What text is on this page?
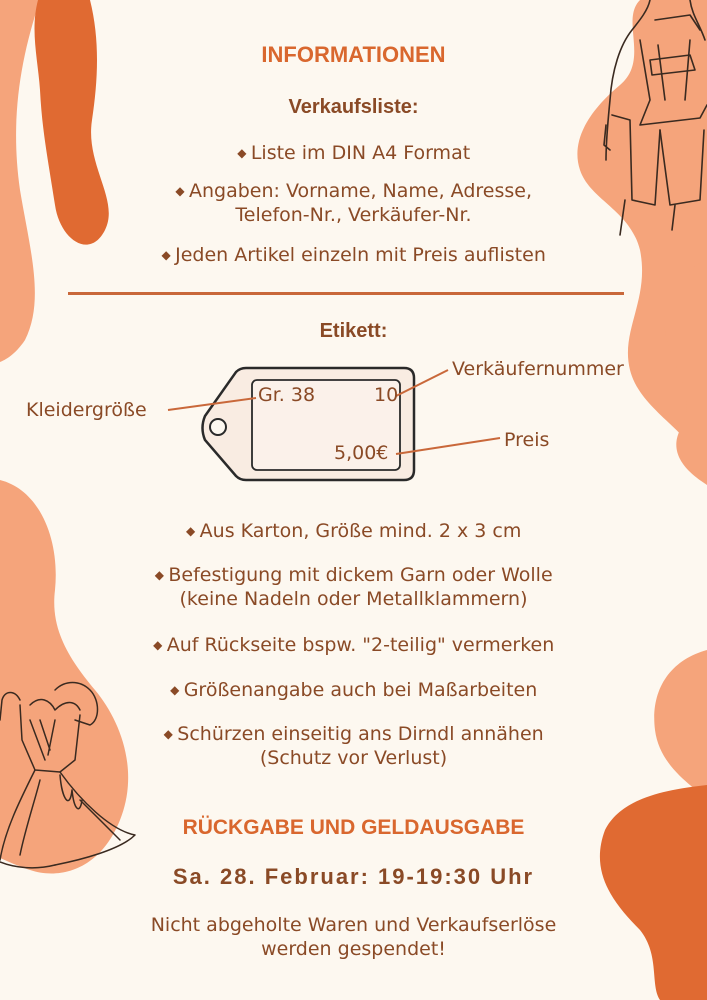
INFORMATIONEN
Verkaufsliste:
◆ Liste im DIN A4 Format
◆ Angaben: Vorname, Name, Adresse,
Telefon-Nr., Verkäufer-Nr.
◆ Jeden Artikel einzeln mit Preis auflisten
Etikett:
Gr. 38	10
5,00€
Kleidergröße
Verkäufernummer
Preis
◆ Aus Karton, Größe mind. 2 x 3 cm
◆ Befestigung mit dickem Garn oder Wolle
(keine Nadeln oder Metallklammern)
◆ Auf Rückseite bspw. "2-teilig" vermerken
◆ Größenangabe auch bei Maßarbeiten
◆ Schürzen einseitig ans Dirndl annähen
(Schutz vor Verlust)
RÜCKGABE UND GELDAUSGABE
Sa. 28. Februar: 19-19:30 Uhr
Nicht abgeholte Waren und Verkaufserlöse
werden gespendet!
